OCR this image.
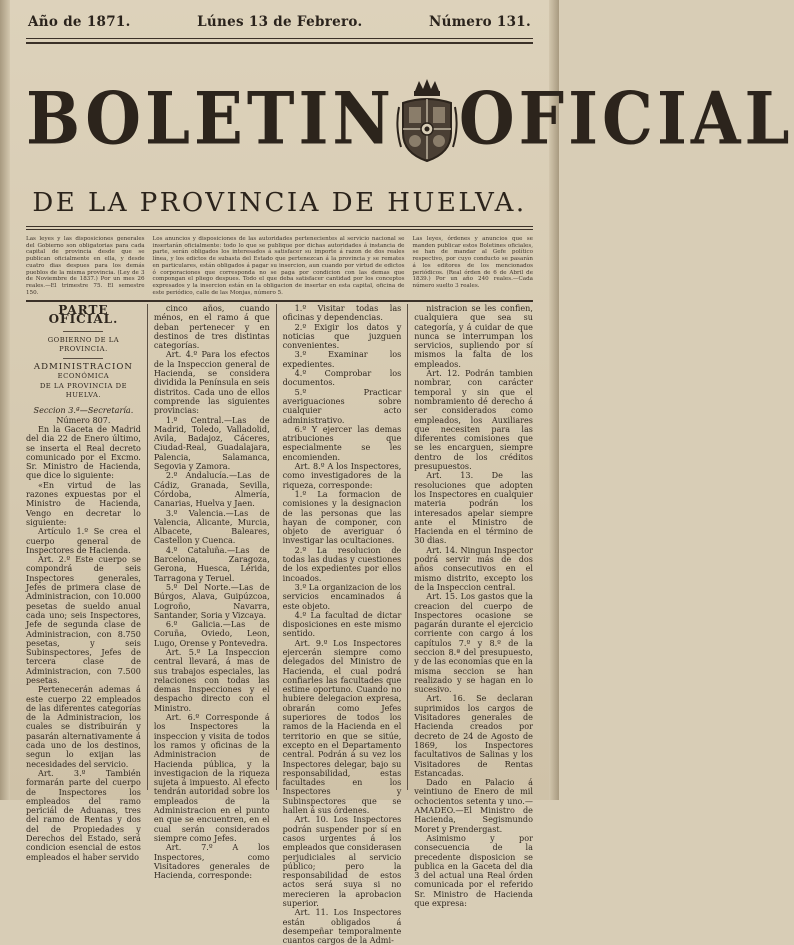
Año de 1871.	Lúnes 13 de Febrero.	Número 131.
BOLETIN OFICIAL
DE LA PROVINCIA DE HUELVA.
Las leyes y las disposiciones generales del Gobierno son obligatorias para cada capital de provincia desde que se publican oficialmente en ella, y desde cuatro dias despues para los demás pueblos de la misma provincia. (Ley de 3 de Noviembre de 1837.) Por un mes 26 reales.—El trimestre 75. El semestre 150.
Los anuncios y disposiciones de las autoridades pertenecientes al servicio nacional se insertarán oficialmente: todo lo que se publique por dichas autoridades á instancia de parte, serán obligados los interesados á satisfacer su importe á razon de dos reales línea, y los edictos de subasta del Estado que pertenezcan á la provincia y se remates en particulares, están obligados á pagar su insercion, aun cuando por virtud de edictos ó corporaciones que corresponda no se paga por condicion con las demas que compongan el pliego despues. Todo el que deba satisfacer cantidad por los conceptos expresados y la insercion están en la obligacion de insertar en esta capital, oficina de este periódico, calle de las Monjas, número 5.
Las leyes, órdenes y anuncios que se manden publicar estos Boletines oficiales, se han de mandar al Gefe político respectivo, por cuyo conducto se pasarán á los editores de los mencionados periódicos. (Real órden de 6 de Abril de 1839.) Por un año 240 reales.—Cada número suelto 3 reales.
PARTE OFICIAL.
GOBIERNO DE LA PROVINCIA.
ADMINISTRACION
ECONÓMICA
DE LA PROVINCIA DE HUELVA.

Seccion 3.ª—Secretaría.

Número 807.

En la Gaceta de Madrid del dia 22 de Enero último, se inserta el Real decreto comunicado por el Excmo. Sr. Ministro de Hacienda, que dice lo siguiente:

«En virtud de las razones expuestas por el Ministro de Hacienda, Vengo en decretar lo siguiente:

Artículo 1.º Se crea el cuerpo general de Inspectores de Hacienda.

Art. 2.º Este cuerpo se compondrá de seis Inspectores generales, Jefes de primera clase de Administracion, con 10.000 pesetas de sueldo anual cada uno; seis Inspectores, Jefe de segunda clase de Administracion, con 8.750 pesetas, y seis Subinspectores, Jefes de tercera clase de Administracion, con 7.500 pesetas.

Pertenecerán ademas á este cuerpo 22 empleados de las diferentes categorías de la Administracion, los cuales se distribuirán y pasarán alternativamente á cada uno de los destinos, segun lo exijan las necesidades del servicio.

Art. 3.º También formarán parte del cuerpo de Inspectores los empleados del ramo periciál de Aduanas, tres del ramo de Rentas y dos del de Propiedades y Derechos del Estado, será condicion esencial de estos empleados el haber servido

cinco años, cuando ménos, en el ramo á que deban pertenecer y en destinos de tres distintas categorías.

Art. 4.º Para los efectos de la Inspeccion general de Hacienda, se considera dividida la Península en seis distritos. Cada uno de ellos comprende las siguientes provincias:

1.º Central.—Las de Madrid, Toledo, Valladolid, Avila, Badajoz, Cáceres, Ciudad-Real, Guadalajara, Palencia, Salamanca, Segovia y Zamora.

2.º Andalucía.—Las de Cádiz, Granada, Sevilla, Córdoba, Almería, Canarias, Huelva y Jaen.

3.º Valencia.—Las de Valencia, Alicante, Murcia, Albacete, Baleares, Castellon y Cuenca.

4.º Cataluña.—Las de Barcelona, Zaragoza, Gerona, Huesca, Lérida, Tarragona y Teruel.

5.º Del Norte.—Las de Búrgos, Alava, Guipúzcoa, Logroño, Navarra, Santander, Soria y Vizcaya.

6.º Galicia.—Las de Coruña, Oviedo, Leon, Lugo, Orense y Pontevedra.

Art. 5.º La Inspeccion central llevará, á mas de sus trabajos especiales, las relaciones con todas las demas Inspecciones y el despacho directo con el Ministro.

Art. 6.º Corresponde á los Inspectores la inspeccion y visita de todos los ramos y oficinas de la Administracion de Hacienda pública, y la investigacion de la riqueza sujeta á impuesto. Al efecto tendrán autoridad sobre los empleados de la Administracion en el punto en que se encuentren, en el cual serán considerados siempre como Jefes.

Art. 7.º A los Inspectores, como Visitadores generales de Hacienda, corresponde:

1.º Visitar todas las oficinas y dependencias.

2.º Exigir los datos y noticias que juzguen convenientes.

3.º Examinar los expedientes.

4.º Comprobar los documentos.

5.º Practicar averiguaciones sobre cualquier acto administrativo.

6.º Y ejercer las demas atribuciones que especialmente se les encomienden.

Art. 8.º A los Inspectores, como investigadores de la riqueza, corresponde:

1.º La formacion de comisiones y la designacion de las personas que las hayan de componer, con objeto de averiguar ó investigar las ocultaciones.

2.º La resolucion de todas las dudas y cuestiones de los expedientes por ellos incoados.

3.º La organizacion de los servicios encaminados á este objeto.

4.º La facultad de dictar disposiciones en este mismo sentido.

Art. 9.º Los Inspectores ejercerán siempre como delegados del Ministro de Hacienda, el cual podrá confiarles las facultades que estime oportuno. Cuando no hubiere delegacion expresa, obrarán como Jefes superiores de todos los ramos de la Hacienda en el territorio en que se sitúe, excepto en el Departamento central. Podrán á su vez los Inspectores delegar, bajo su responsabilidad, estas facultades en los Inspectores y Subinspectores que se hallen á sus órdenes.

Art. 10. Los Inspectores podrán suspender por sí en casos urgentes á los empleados que considerasen perjudiciales al servicio público; pero la responsabilidad de estos actos será suya si no merecieren la aprobacion superior.

Art. 11. Los Inspectores están obligados á desempeñar temporalmente cuantos cargos de la Admi-

nistracion se les confien, cualquiera que sea su categoría, y á cuidar de que nunca se interrumpan los servicios, supliendo por sí mismos la falta de los empleados.

Art. 12. Podrán tambien nombrar, con carácter temporal y sin que el nombramiento dé derecho á ser considerados como empleados, los Auxiliares que necesiten para las diferentes comisiones que se les encarguen, siempre dentro de los créditos presupuestos.

Art. 13. De las resoluciones que adopten los Inspectores en cualquier materia podrán los interesados apelar siempre ante el Ministro de Hacienda en el término de 30 dias.

Art. 14. Ningun Inspector podrá servir más de dos años consecutivos en el mismo distrito, excepto los de la Inspeccion central.

Art. 15. Los gastos que la creacion del cuerpo de Inspectores ocasione se pagarán durante el ejercicio corriente con cargo á los capítulos 7.º y 8.º de la seccion 8.ª del presupuesto, y de las economías que en la misma seccion se han realizado y se hagan en lo sucesivo.

Art. 16. Se declaran suprimidos los cargos de Visitadores generales de Hacienda creados por decreto de 24 de Agosto de 1869, los Inspectores facultativos de Salinas y los Visitadores de Rentas Estancadas.

Dado en Palacio á veintiuno de Enero de mil ochocientos setenta y uno.—AMADEO.—El Ministro de Hacienda, Segismundo Moret y Prendergast.

Asimismo y por consecuencia de la precedente disposicion se publica en la Gaceta del dia 3 del actual una Real órden comunicada por el referido Sr. Ministro de Hacienda que expresa:
